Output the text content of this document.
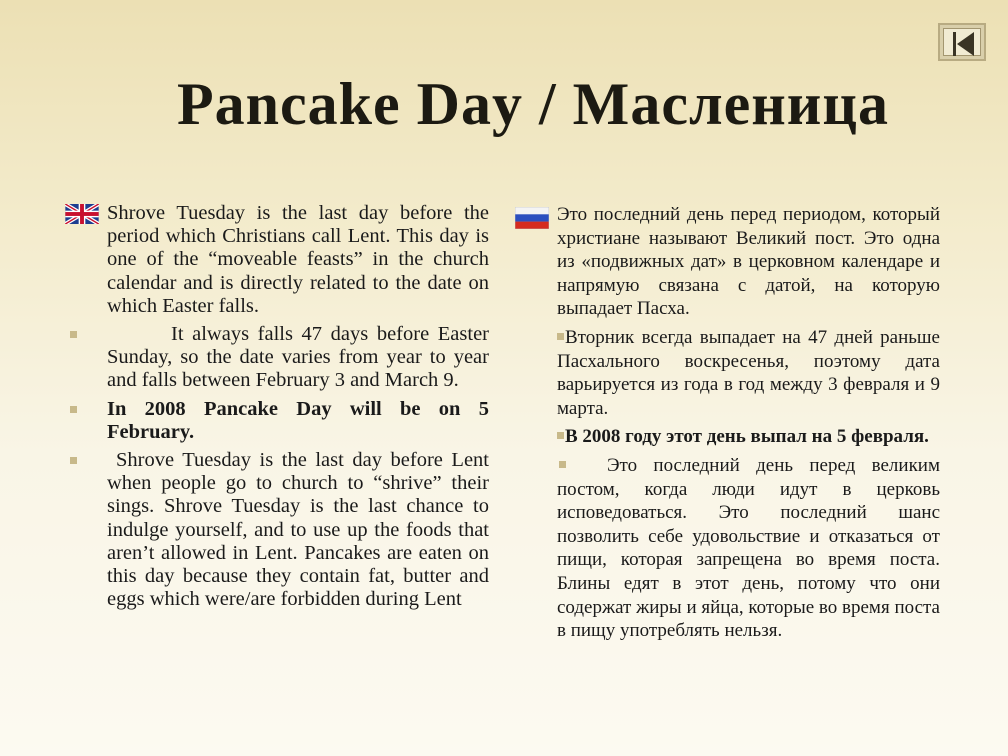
Pancake Day / Масленица

Shrove Tuesday is the last day before the period which Christians call Lent. This day is one of the “moveable feasts” in the church calendar and is directly related to the date on which Easter falls.

It always falls 47 days before Easter Sunday, so the date varies from year to year and falls between February 3 and March 9.

In 2008 Pancake Day will be on 5 February.

Shrove Tuesday is the last day before Lent when people go to church to “shrive” their sings. Shrove Tuesday is the last chance to indulge yourself, and to use up the foods that aren’t allowed in Lent. Pancakes are eaten on this day because they contain fat, butter and eggs which were/are forbidden during Lent

Это последний день перед периодом, который христиане называют Великий пост. Это одна из «подвижных дат» в церковном календаре и напрямую связана с датой, на которую выпадает Пасха.

Вторник всегда выпадает на 47 дней раньше Пасхального воскресенья, поэтому дата варьируется из года в год между 3 февраля и 9 марта.

В 2008 году этот день выпал на 5 февраля.

Это последний день перед великим постом, когда люди идут в церковь исповедоваться. Это последний шанс позволить себе удовольствие и отказаться от пищи, которая запрещена во время поста. Блины едят в этот день, потому что они содержат жиры и яйца, которые во время поста в пищу употреблять нельзя.
